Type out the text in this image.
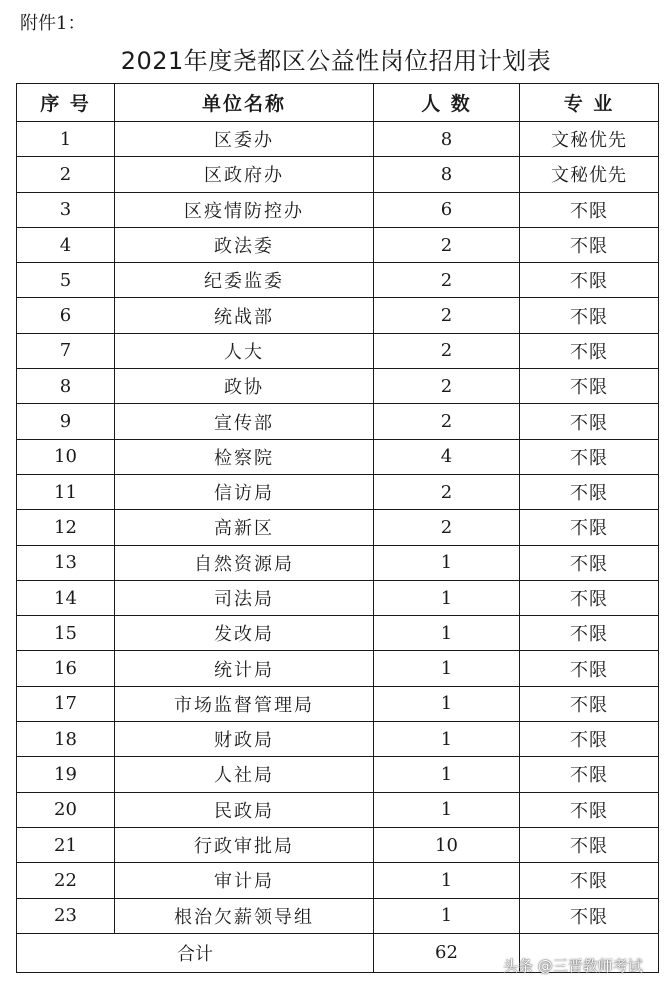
附件1：
2021年度尧都区公益性岗位招用计划表
序 号	单位名称	人 数	专 业
1	区委办	8	文秘优先
2	区政府办	8	文秘优先
3	区疫情防控办	6	不限
4	政法委	2	不限
5	纪委监委	2	不限
6	统战部	2	不限
7	人大	2	不限
8	政协	2	不限
9	宣传部	2	不限
10	检察院	4	不限
11	信访局	2	不限
12	高新区	2	不限
13	自然资源局	1	不限
14	司法局	1	不限
15	发改局	1	不限
16	统计局	1	不限
17	市场监督管理局	1	不限
18	财政局	1	不限
19	人社局	1	不限
20	民政局	1	不限
21	行政审批局	10	不限
22	审计局	1	不限
23	根治欠薪领导组	1	不限
合计		62	
头条 @三晋教师考试
